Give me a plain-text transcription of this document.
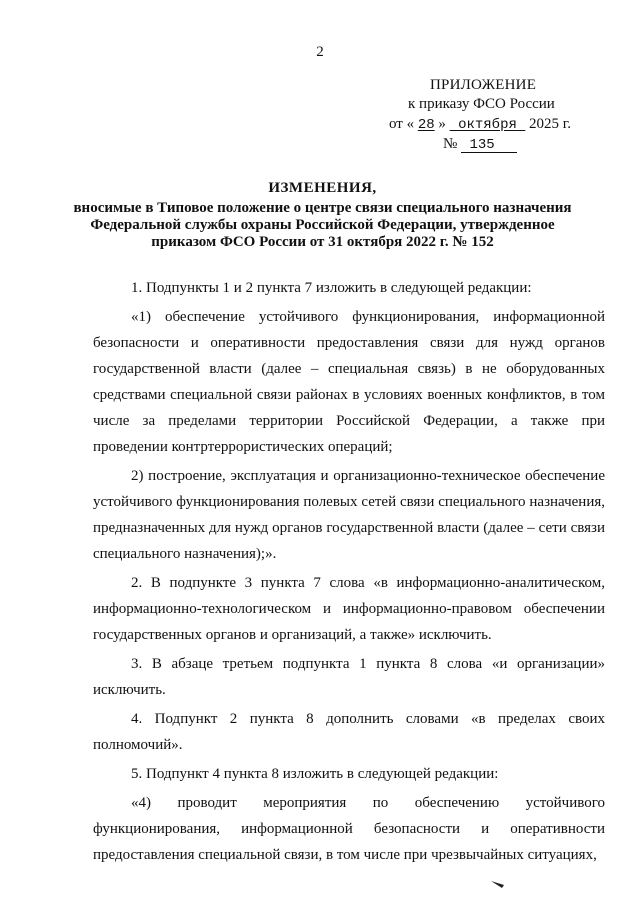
2
ПРИЛОЖЕНИЕ
к приказу ФСО России
от « 28 » октября 2025 г.
№ 135
ИЗМЕНЕНИЯ,
вносимые в Типовое положение о центре связи специального назначения Федеральной службы охраны Российской Федерации, утвержденное приказом ФСО России от 31 октября 2022 г. № 152

1. Подпункты 1 и 2 пункта 7 изложить в следующей редакции:

«1) обеспечение устойчивого функционирования, информационной безопасности и оперативности предоставления связи для нужд органов государственной власти (далее – специальная связь) в не оборудованных средствами специальной связи районах в условиях военных конфликтов, в том числе за пределами территории Российской Федерации, а также при проведении контртеррористических операций;

2) построение, эксплуатация и организационно-техническое обеспечение устойчивого функционирования полевых сетей связи специального назначения, предназначенных для нужд органов государственной власти (далее – сети связи специального назначения);».

2. В подпункте 3 пункта 7 слова «в информационно-аналитическом, информационно-технологическом и информационно-правовом обеспечении государственных органов и организаций, а также» исключить.

3. В абзаце третьем подпункта 1 пункта 8 слова «и организации» исключить.

4. Подпункт 2 пункта 8 дополнить словами «в пределах своих полномочий».

5. Подпункт 4 пункта 8 изложить в следующей редакции:

«4) проводит мероприятия по обеспечению устойчивого функционирования, информационной безопасности и оперативности предоставления специальной связи, в том числе при чрезвычайных ситуациях,
